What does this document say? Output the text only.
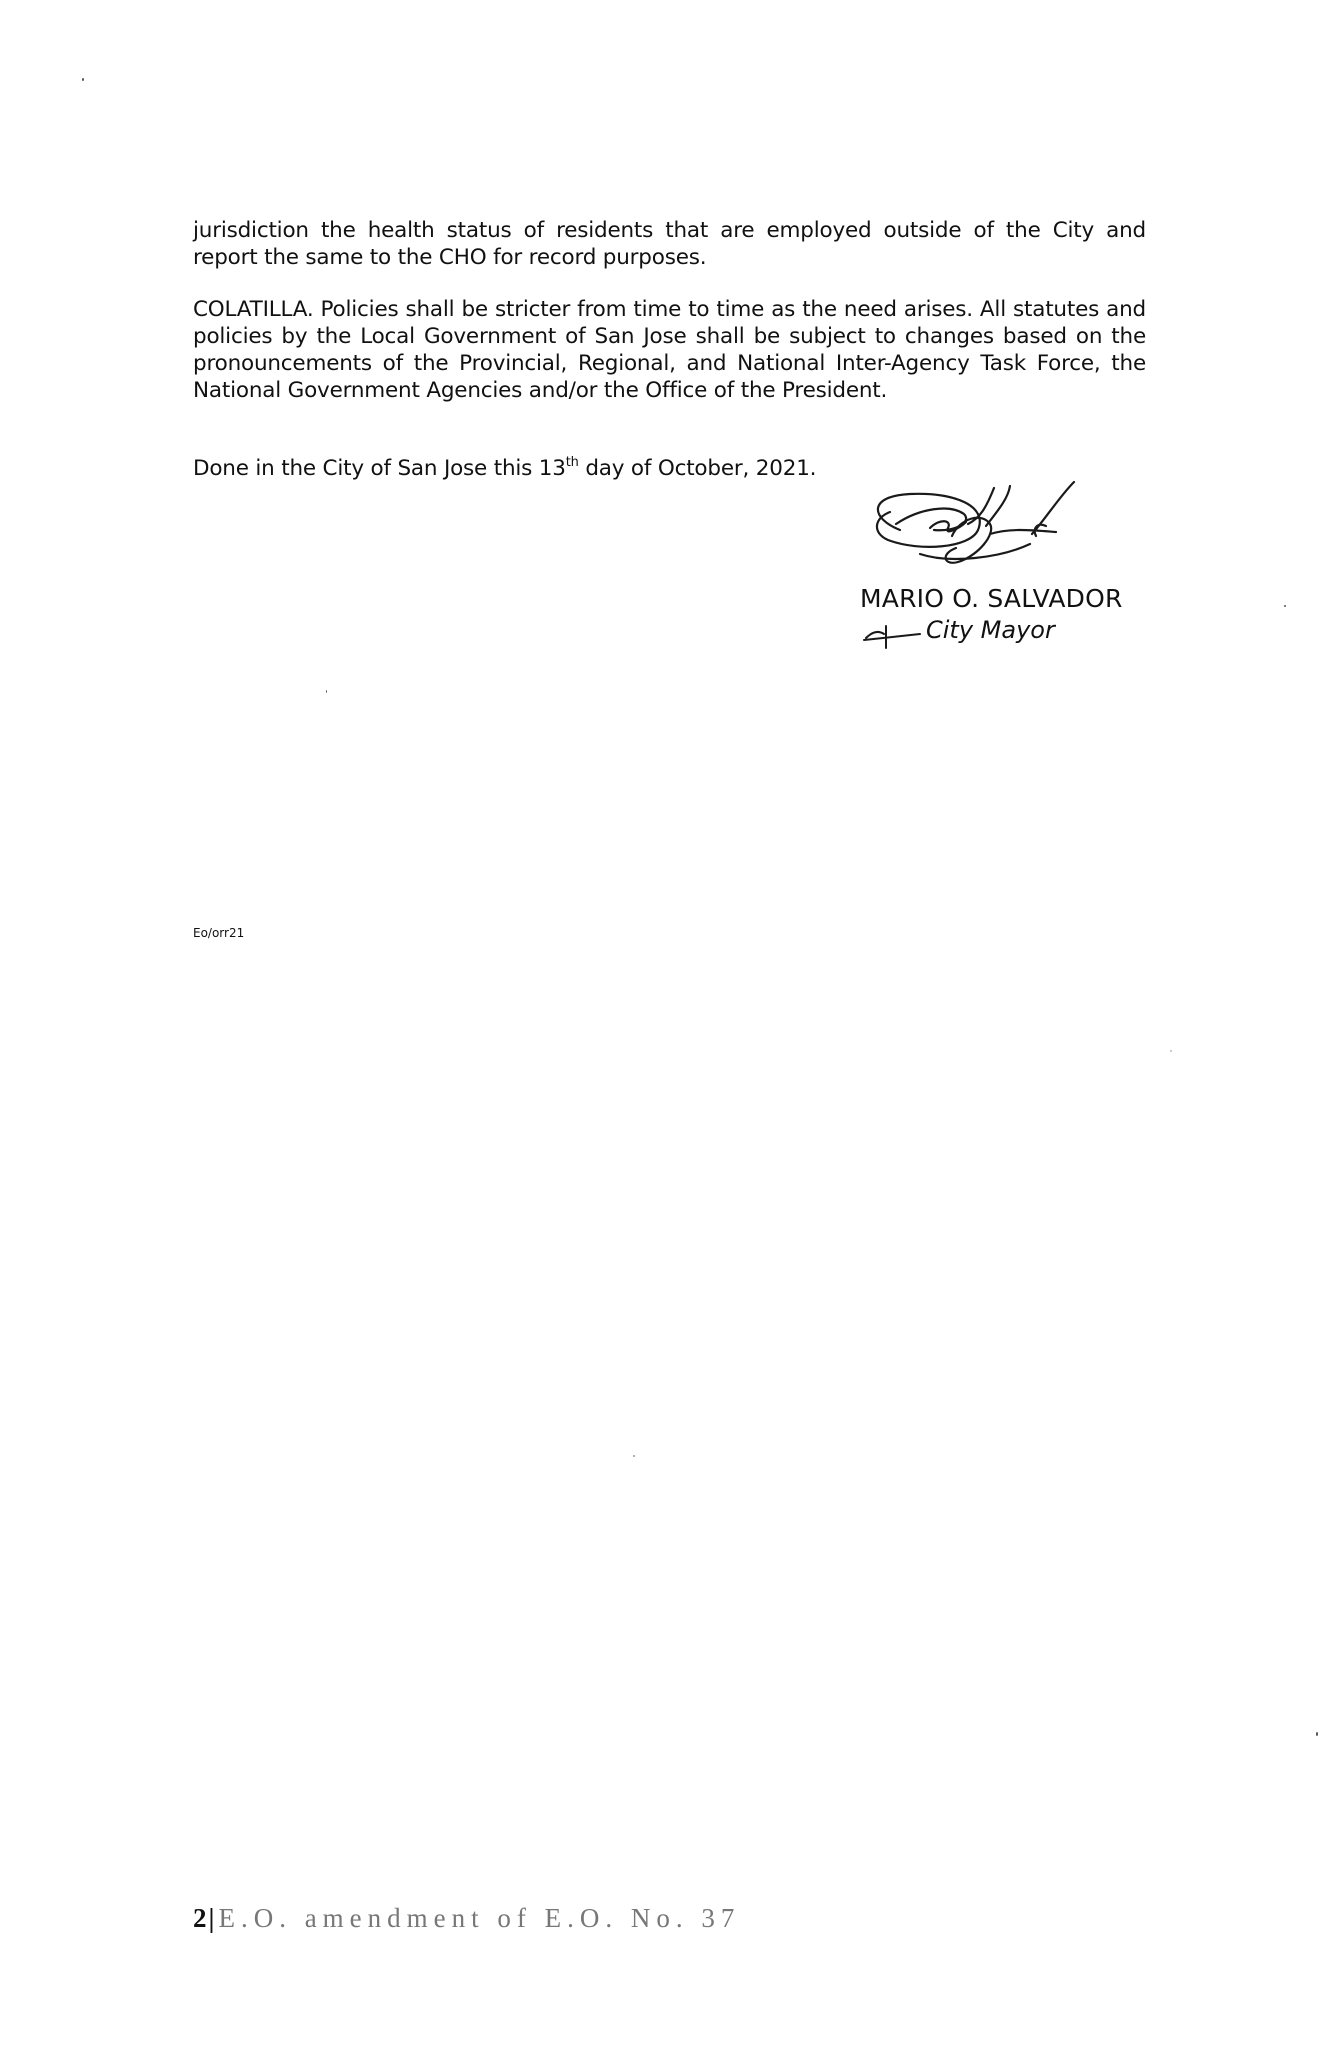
jurisdiction the health status of residents that are employed outside of the City and report the same to the CHO for record purposes.

COLATILLA. Policies shall be stricter from time to time as the need arises. All statutes and policies by the Local Government of San Jose shall be subject to changes based on the pronouncements of the Provincial, Regional, and National Inter-Agency Task Force, the National Government Agencies and/or the Office of the President.

Done in the City of San Jose this 13th day of October, 2021.

MARIO O. SALVADOR
City Mayor
Eo/orr21
2|E.O. amendment of E.O. No. 37
